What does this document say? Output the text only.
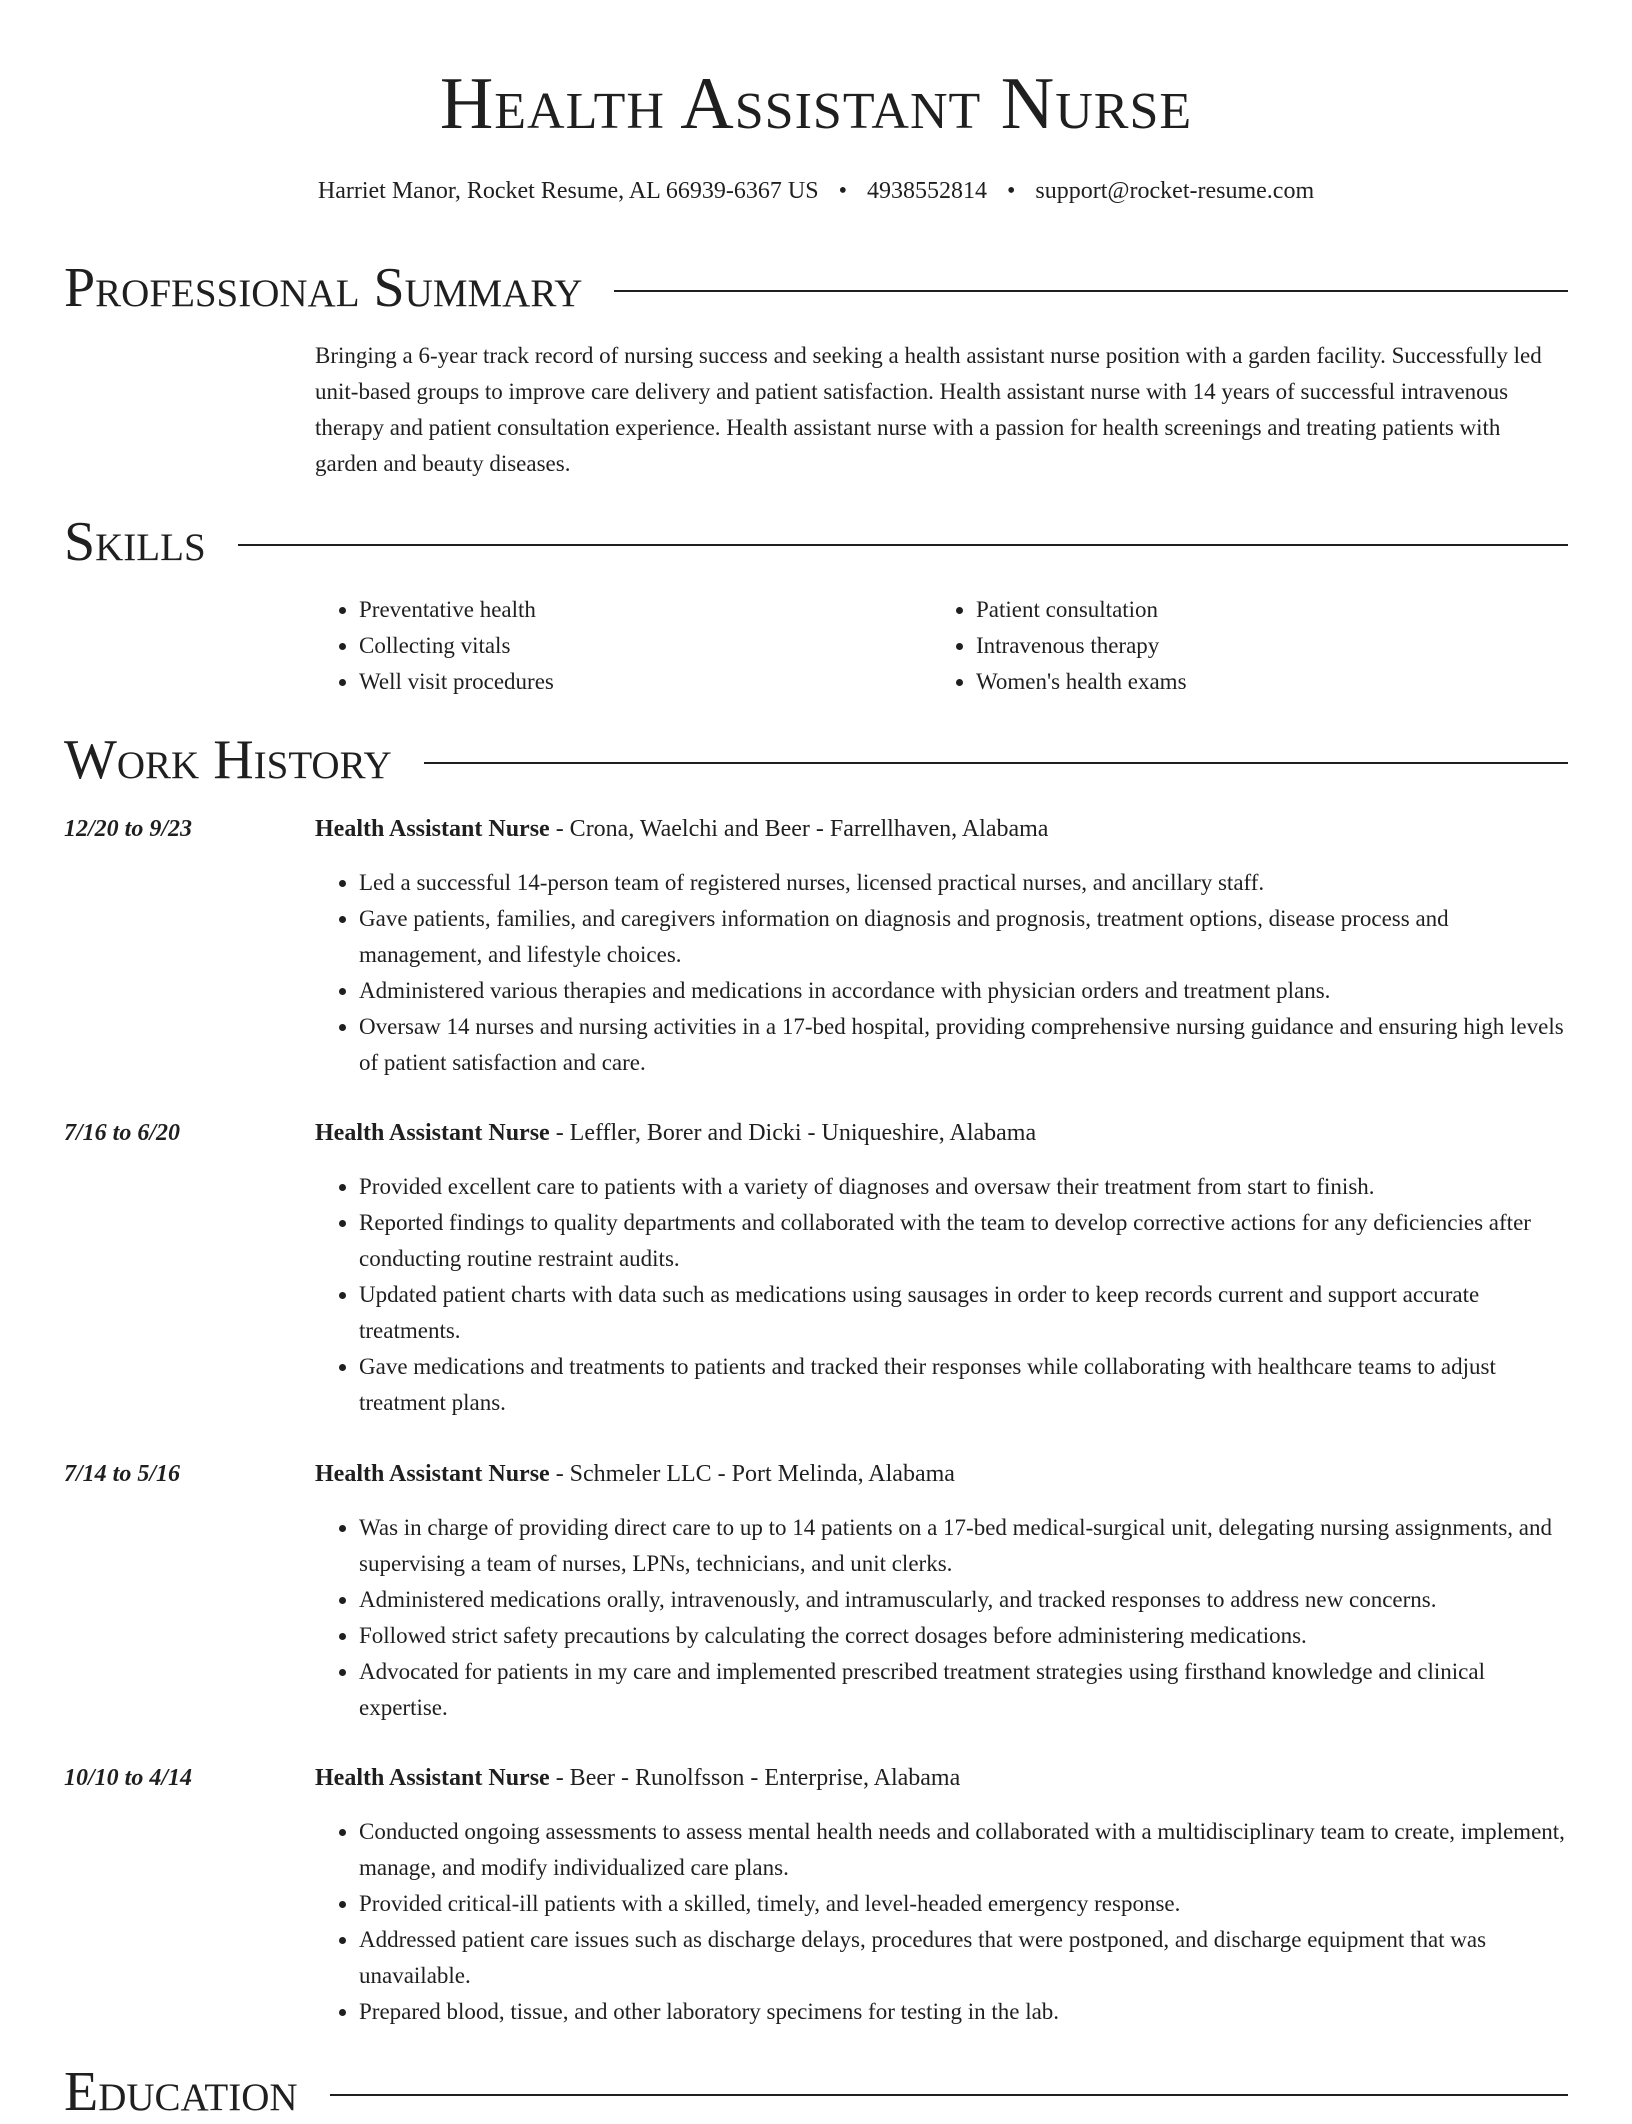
Health Assistant Nurse
Harriet Manor, Rocket Resume, AL 66939-6367 US • 4938552814 • support@rocket-resume.com
Professional Summary

Bringing a 6-year track record of nursing success and seeking a health assistant nurse position with a garden facility. Successfully led unit-based groups to improve care delivery and patient satisfaction. Health assistant nurse with 14 years of successful intravenous therapy and patient consultation experience. Health assistant nurse with a passion for health screenings and treating patients with garden and beauty diseases.

Skills
• Preventative health
• Collecting vitals
• Well visit procedures
• Patient consultation
• Intravenous therapy
• Women's health exams
Work History
12/20 to 9/23	Health Assistant Nurse - Crona, Waelchi and Beer - Farrellhaven, Alabama
• Led a successful 14-person team of registered nurses, licensed practical nurses, and ancillary staff.
• Gave patients, families, and caregivers information on diagnosis and prognosis, treatment options, disease process and management, and lifestyle choices.
• Administered various therapies and medications in accordance with physician orders and treatment plans.
• Oversaw 14 nurses and nursing activities in a 17-bed hospital, providing comprehensive nursing guidance and ensuring high levels of patient satisfaction and care.
7/16 to 6/20	Health Assistant Nurse - Leffler, Borer and Dicki - Uniqueshire, Alabama
• Provided excellent care to patients with a variety of diagnoses and oversaw their treatment from start to finish.
• Reported findings to quality departments and collaborated with the team to develop corrective actions for any deficiencies after conducting routine restraint audits.
• Updated patient charts with data such as medications using sausages in order to keep records current and support accurate treatments.
• Gave medications and treatments to patients and tracked their responses while collaborating with healthcare teams to adjust treatment plans.
7/14 to 5/16	Health Assistant Nurse - Schmeler LLC - Port Melinda, Alabama
• Was in charge of providing direct care to up to 14 patients on a 17-bed medical-surgical unit, delegating nursing assignments, and supervising a team of nurses, LPNs, technicians, and unit clerks.
• Administered medications orally, intravenously, and intramuscularly, and tracked responses to address new concerns.
• Followed strict safety precautions by calculating the correct dosages before administering medications.
• Advocated for patients in my care and implemented prescribed treatment strategies using firsthand knowledge and clinical expertise.
10/10 to 4/14	Health Assistant Nurse - Beer - Runolfsson - Enterprise, Alabama
• Conducted ongoing assessments to assess mental health needs and collaborated with a multidisciplinary team to create, implement, manage, and modify individualized care plans.
• Provided critical-ill patients with a skilled, timely, and level-headed emergency response.
• Addressed patient care issues such as discharge delays, procedures that were postponed, and discharge equipment that was unavailable.
• Prepared blood, tissue, and other laboratory specimens for testing in the lab.
Education
